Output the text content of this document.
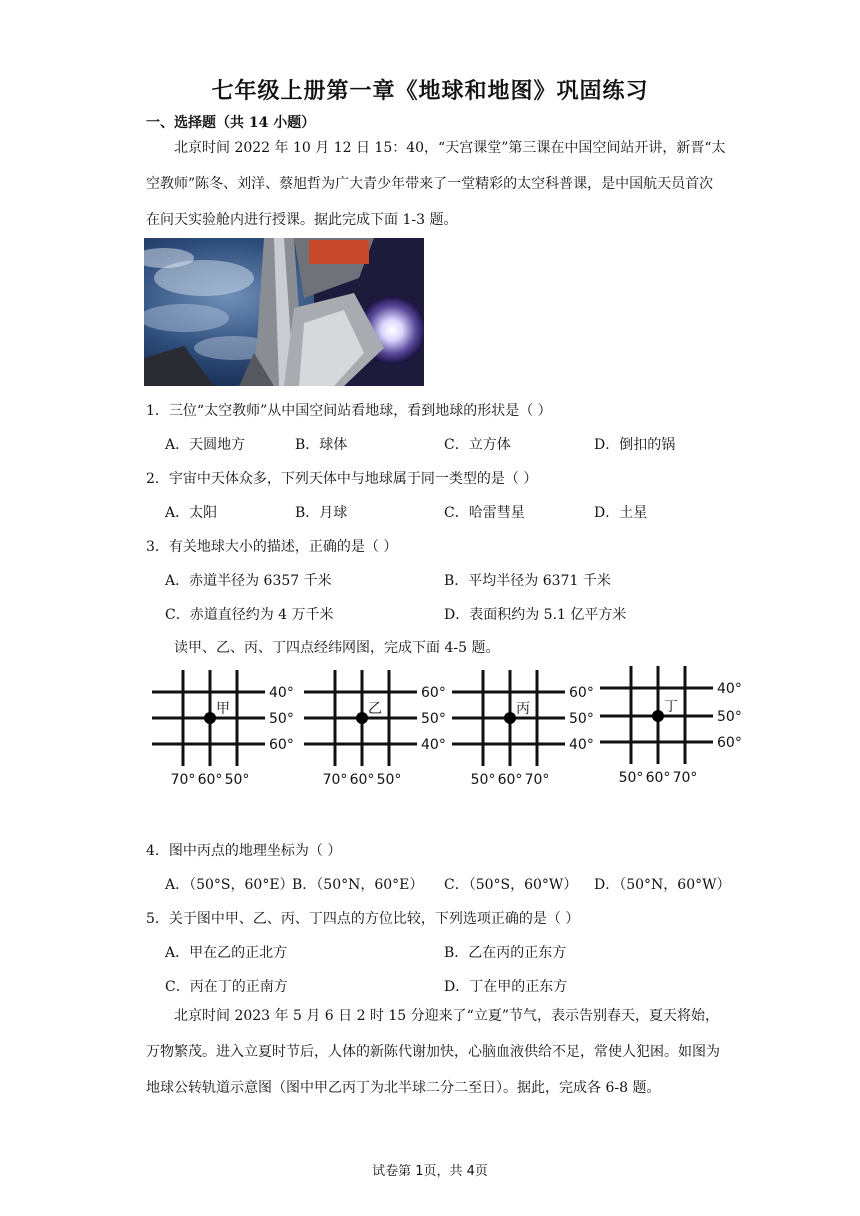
七年级上册第一章《地球和地图》巩固练习
一、选择题（共 14 小题）
北京时间 2022 年 10 月 12 日 15：40，“天宫课堂”第三课在中国空间站开讲，新晋“太空教师”陈冬、刘洋、蔡旭哲为广大青少年带来了一堂精彩的太空科普课，是中国航天员首次在问天实验舱内进行授课。据此完成下面 1-3 题。
1．三位“太空教师”从中国空间站看地球，看到地球的形状是（ ）
A．天圆地方	B．球体	C．立方体	D．倒扣的锅
2．宇宙中天体众多，下列天体中与地球属于同一类型的是（ ）
A．太阳	B．月球	C．哈雷彗星	D．土星
3．有关地球大小的描述，正确的是（ ）
A．赤道半径为 6357 千米	B．平均半径为 6371 千米
C．赤道直径约为 4 万千米	D．表面积约为 5.1 亿平方米
读甲、乙、丙、丁四点经纬网图，完成下面 4-5 题。
40°
50°
60°
70° 60° 50°
甲
60°
50°
40°
70° 60° 50°
乙
60°
50°
40°
50° 60° 70°
丙
40°
50°
60°
50° 60° 70°
丁
4．图中丙点的地理坐标为（ ）
A．（50°S，60°E）
B．（50°N，60°E） C．（50°S，60°W） D．（50°N，60°W）
5．关于图中甲、乙、丙、丁四点的方位比较，下列选项正确的是（ ）
A．甲在乙的正北方	B．乙在丙的正东方
C．丙在丁的正南方	D．丁在甲的正东方
北京时间 2023 年 5 月 6 日 2 时 15 分迎来了“立夏”节气，表示告别春天，夏天将始，万物繁茂。进入立夏时节后，人体的新陈代谢加快，心脑血液供给不足，常使人犯困。如图为地球公转轨道示意图（图中甲乙丙丁为北半球二分二至日）。据此，完成各 6-8 题。
试卷第 1页，共 4页
